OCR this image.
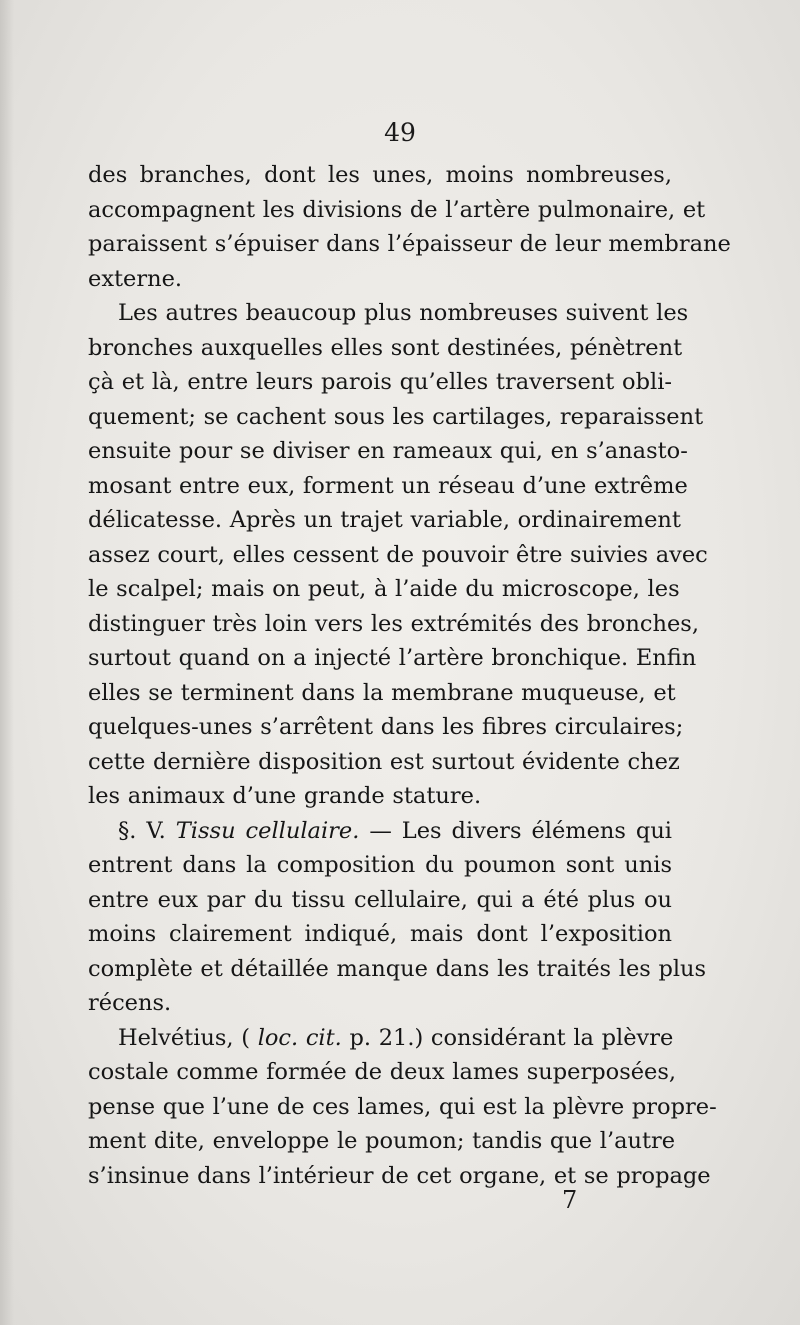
49
des branches, dont les unes, moins nombreuses,
accompagnent les divisions de l’artère pulmonaire, et
paraissent s’épuiser dans l’épaisseur de leur membrane
externe.
Les autres beaucoup plus nombreuses suivent les
bronches auxquelles elles sont destinées, pénètrent
çà et là, entre leurs parois qu’elles traversent obli-
quement; se cachent sous les cartilages, reparaissent
ensuite pour se diviser en rameaux qui, en s’anasto-
mosant entre eux, forment un réseau d’une extrême
délicatesse. Après un trajet variable, ordinairement
assez court, elles cessent de pouvoir être suivies avec
le scalpel; mais on peut, à l’aide du microscope, les
distinguer très loin vers les extrémités des bronches,
surtout quand on a injecté l’artère bronchique. Enfin
elles se terminent dans la membrane muqueuse, et
quelques-unes s’arrêtent dans les fibres circulaires;
cette dernière disposition est surtout évidente chez
les animaux d’une grande stature.
§. V. Tissu cellulaire. — Les divers élémens qui
entrent dans la composition du poumon sont unis
entre eux par du tissu cellulaire, qui a été plus ou
moins clairement indiqué, mais dont l’exposition
complète et détaillée manque dans les traités les plus
récens.
Helvétius, ( loc. cit. p. 21.) considérant la plèvre
costale comme formée de deux lames superposées,
pense que l’une de ces lames, qui est la plèvre propre-
ment dite, enveloppe le poumon; tandis que l’autre
s’insinue dans l’intérieur de cet organe, et se propage
7
